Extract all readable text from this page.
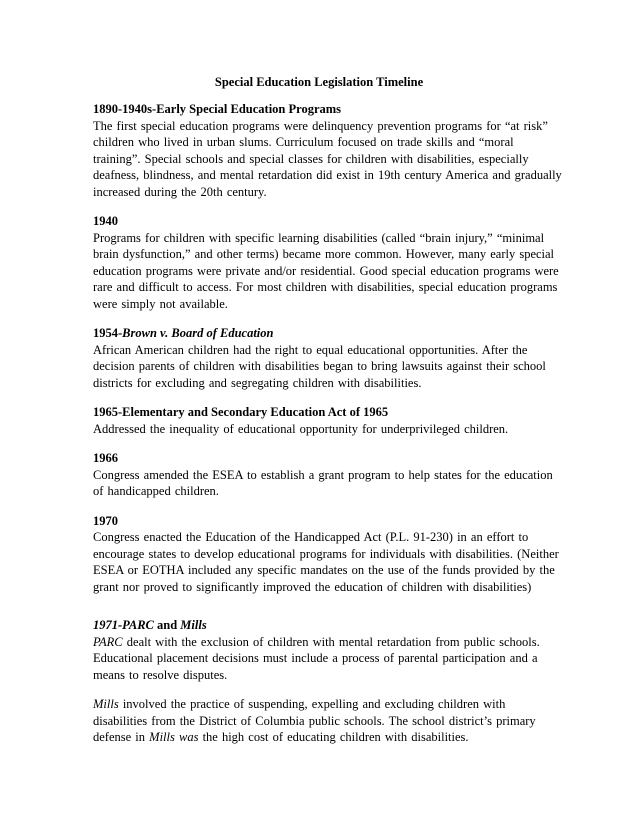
Special Education Legislation Timeline
1890-1940s-Early Special Education Programs
The first special education programs were delinquency prevention programs for “at risk” children who lived in urban slums. Curriculum focused on trade skills and “moral training”. Special schools and special classes for children with disabilities, especially deafness, blindness, and mental retardation did exist in 19th century America and gradually increased during the 20th century.
1940
Programs for children with specific learning disabilities (called “brain injury,” “minimal brain dysfunction,” and other terms) became more common. However, many early special education programs were private and/or residential. Good special education programs were rare and difficult to access. For most children with disabilities, special education programs were simply not available.
1954-Brown v. Board of Education
African American children had the right to equal educational opportunities. After the decision parents of children with disabilities began to bring lawsuits against their school districts for excluding and segregating children with disabilities.
1965-Elementary and Secondary Education Act of 1965
Addressed the inequality of educational opportunity for underprivileged children.
1966
Congress amended the ESEA to establish a grant program to help states for the education of handicapped children.
1970
Congress enacted the Education of the Handicapped Act (P.L. 91-230) in an effort to encourage states to develop educational programs for individuals with disabilities. (Neither ESEA or EOTHA included any specific mandates on the use of the funds provided by the grant nor proved to significantly improved the education of children with disabilities)
1971-PARC and Mills
PARC dealt with the exclusion of children with mental retardation from public schools. Educational placement decisions must include a process of parental participation and a means to resolve disputes.
Mills involved the practice of suspending, expelling and excluding children with disabilities from the District of Columbia public schools. The school district’s primary defense in Mills was the high cost of educating children with disabilities.
